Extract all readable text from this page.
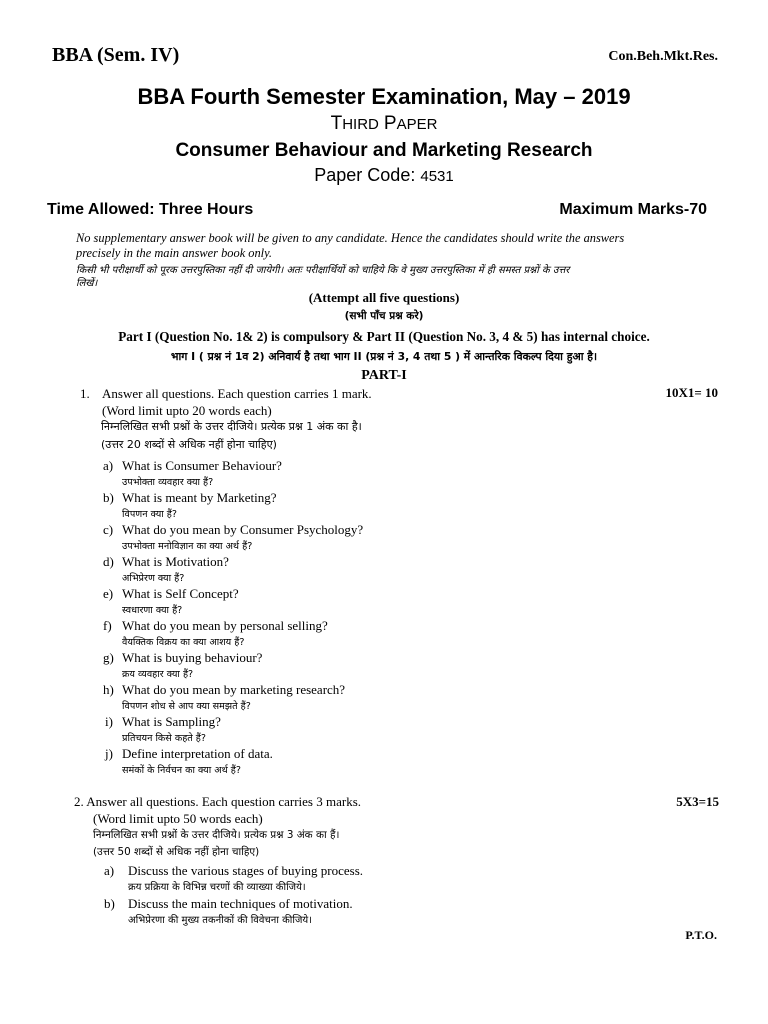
BBA (Sem. IV)	Con.Beh.Mkt.Res.
BBA Fourth Semester Examination, May – 2019
THIRD PAPER
Consumer Behaviour and Marketing Research
Paper Code: 4531
Time Allowed: Three Hours	Maximum Marks-70
No supplementary answer book will be given to any candidate. Hence the candidates should write the answers
precisely in the main answer book only.
किसी भी परीक्षार्थी को पूरक उत्तरपुस्तिका नहीं दी जायेगी। अतः परीक्षार्थियों को चाहिये कि वे मुख्य उत्तरपुस्तिका में ही समस्त प्रश्नों के उत्तर
लिखें।
(Attempt all five questions)
(सभी पाँच प्रश्न करे)
Part I (Question No. 1& 2) is compulsory & Part II (Question No. 3, 4 & 5) has internal choice.
भाग I ( प्रश्न नं 1व 2) अनिवार्य है तथा भाग II (प्रश्न नं 3, 4 तथा 5 ) में आन्तरिक विकल्प दिया हुआ है।
PART-I
1. Answer all questions. Each question carries 1 mark.	10X1= 10
(Word limit upto 20 words each)
निम्नलिखित सभी प्रश्नों के उत्तर दीजिये। प्रत्येक प्रश्न 1 अंक का है।
(उत्तर 20 शब्दों से अधिक नहीं होना चाहिए)
a) What is Consumer Behaviour?
उपभोक्ता व्यवहार क्या हैं?
b) What is meant by Marketing?
विपणन क्या हैं?
c) What do you mean by Consumer Psychology?
उपभोक्ता मनोविज्ञान का क्या अर्थ हैं?
d) What is Motivation?
अभिप्रेरण क्या हैं?
e) What is Self Concept?
स्वधारणा क्या हैं?
f) What do you mean by personal selling?
वैयक्तिक विक्रय का क्या आशय हैं?
g) What is buying behaviour?
क्रय व्यवहार क्या हैं?
h) What do you mean by marketing research?
विपणन शोध से आप क्या समझते हैं?
i) What is Sampling?
प्रतिचयन किसे कहते हैं?
j) Define interpretation of data.
समंकों के निर्वचन का क्या अर्थ हैं?
2. Answer all questions. Each question carries 3 marks.	5X3=15
(Word limit upto 50 words each)
निम्नलिखित सभी प्रश्नों के उत्तर दीजिये। प्रत्येक प्रश्न 3 अंक का हैं।
(उत्तर 50 शब्दों से अधिक नहीं होना चाहिए)
a) Discuss the various stages of buying process.
क्रय प्रक्रिया के विभिन्न चरणों की व्याख्या कीजिये।
b) Discuss the main techniques of motivation.
अभिप्रेरणा की मुख्य तकनीकों की विवेचना कीजिये।
P.T.O.
